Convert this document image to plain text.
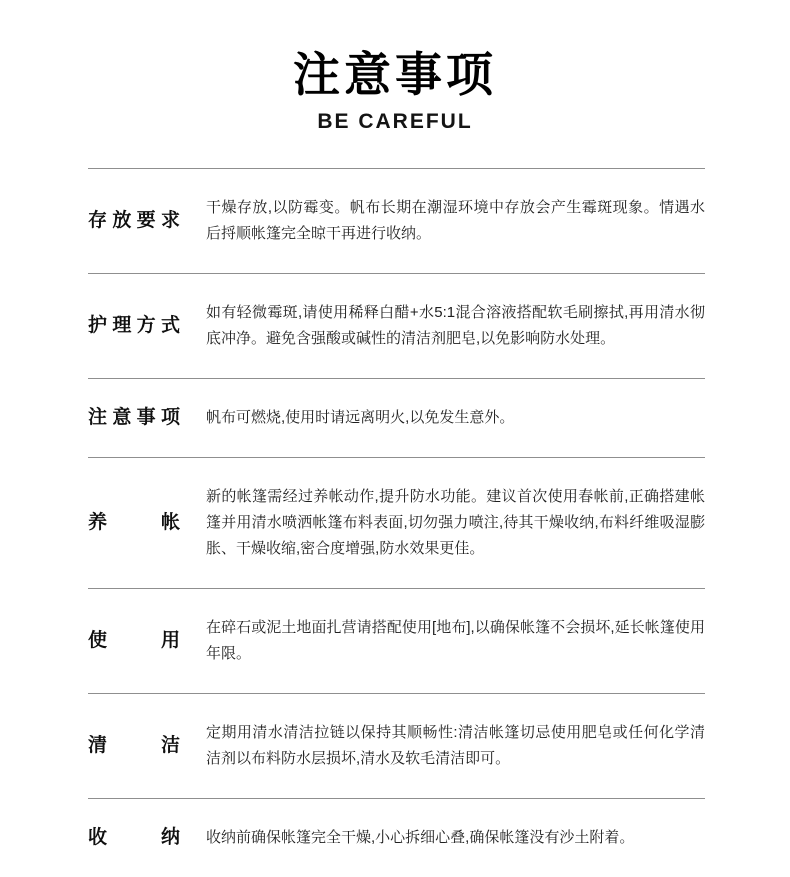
注意事项
BE CAREFUL
存放要求
干燥存放,以防霉变。帆布长期在潮湿环境中存放会产生霉斑现象。情遇水后捋顺帐篷完全晾干再进行收纳。
护理方式
如有轻微霉斑,请使用稀释白醋+水5:1混合溶液搭配软毛刷擦拭,再用清水彻底冲净。避免含强酸或碱性的清洁剂肥皂,以免影响防水处理。
注意事项 帆布可燃烧,使用时请远离明火,以免发生意外。
养帐
新的帐篷需经过养帐动作,提升防水功能。建议首次使用春帐前,正确搭建帐篷并用清水喷洒帐篷布料表面,切勿强力喷注,待其干燥收纳,布料纤维吸湿膨胀、干燥收缩,密合度增强,防水效果更佳。
使用
在碎石或泥土地面扎营请搭配使用[地布],以确保帐篷不会损坏,延长帐篷使用年限。
清洁
定期用清水清洁拉链以保持其顺畅性:清洁帐篷切忌使用肥皂或任何化学清洁剂以布料防水层损坏,清水及软毛清洁即可。
收纳 收纳前确保帐篷完全干燥,小心拆细心叠,确保帐篷没有沙土附着。
